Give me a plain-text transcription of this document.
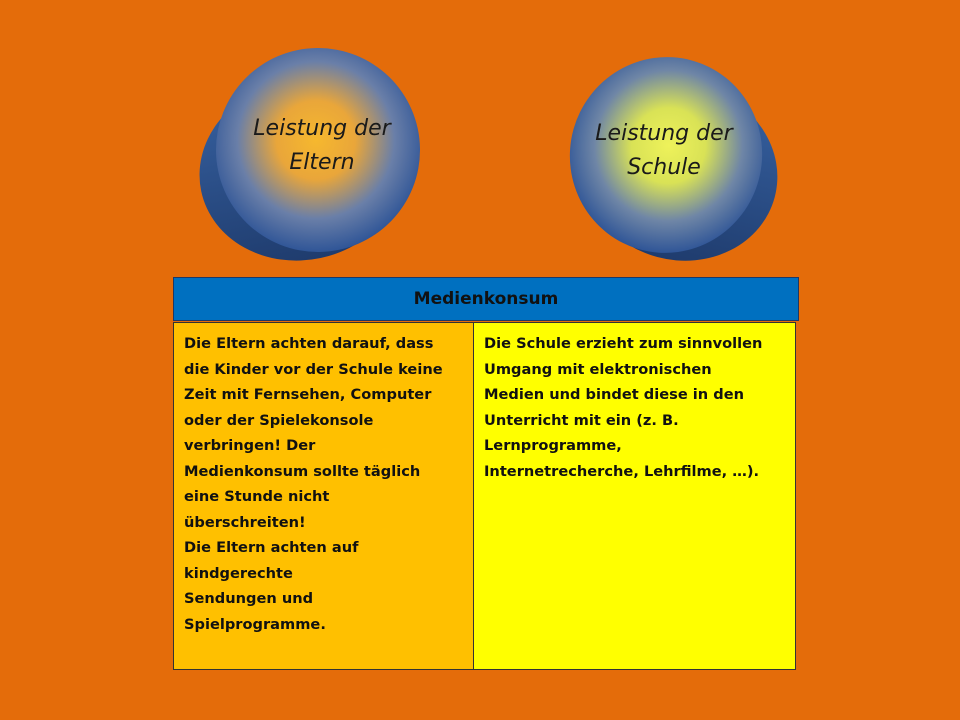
Leistung der
Eltern
Leistung der
Schule
Medienkonsum
Die Eltern achten darauf, dass
die Kinder vor der Schule keine
Zeit mit Fernsehen, Computer
oder der Spielekonsole
verbringen! Der
Medienkonsum sollte täglich
eine Stunde nicht
überschreiten!
Die Eltern achten auf
kindgerechte
Sendungen und
Spielprogramme.
Die Schule erzieht zum sinnvollen
Umgang mit elektronischen
Medien und bindet diese in den
Unterricht mit ein (z. B.
Lernprogramme,
Internetrecherche, Lehrfilme, …).
